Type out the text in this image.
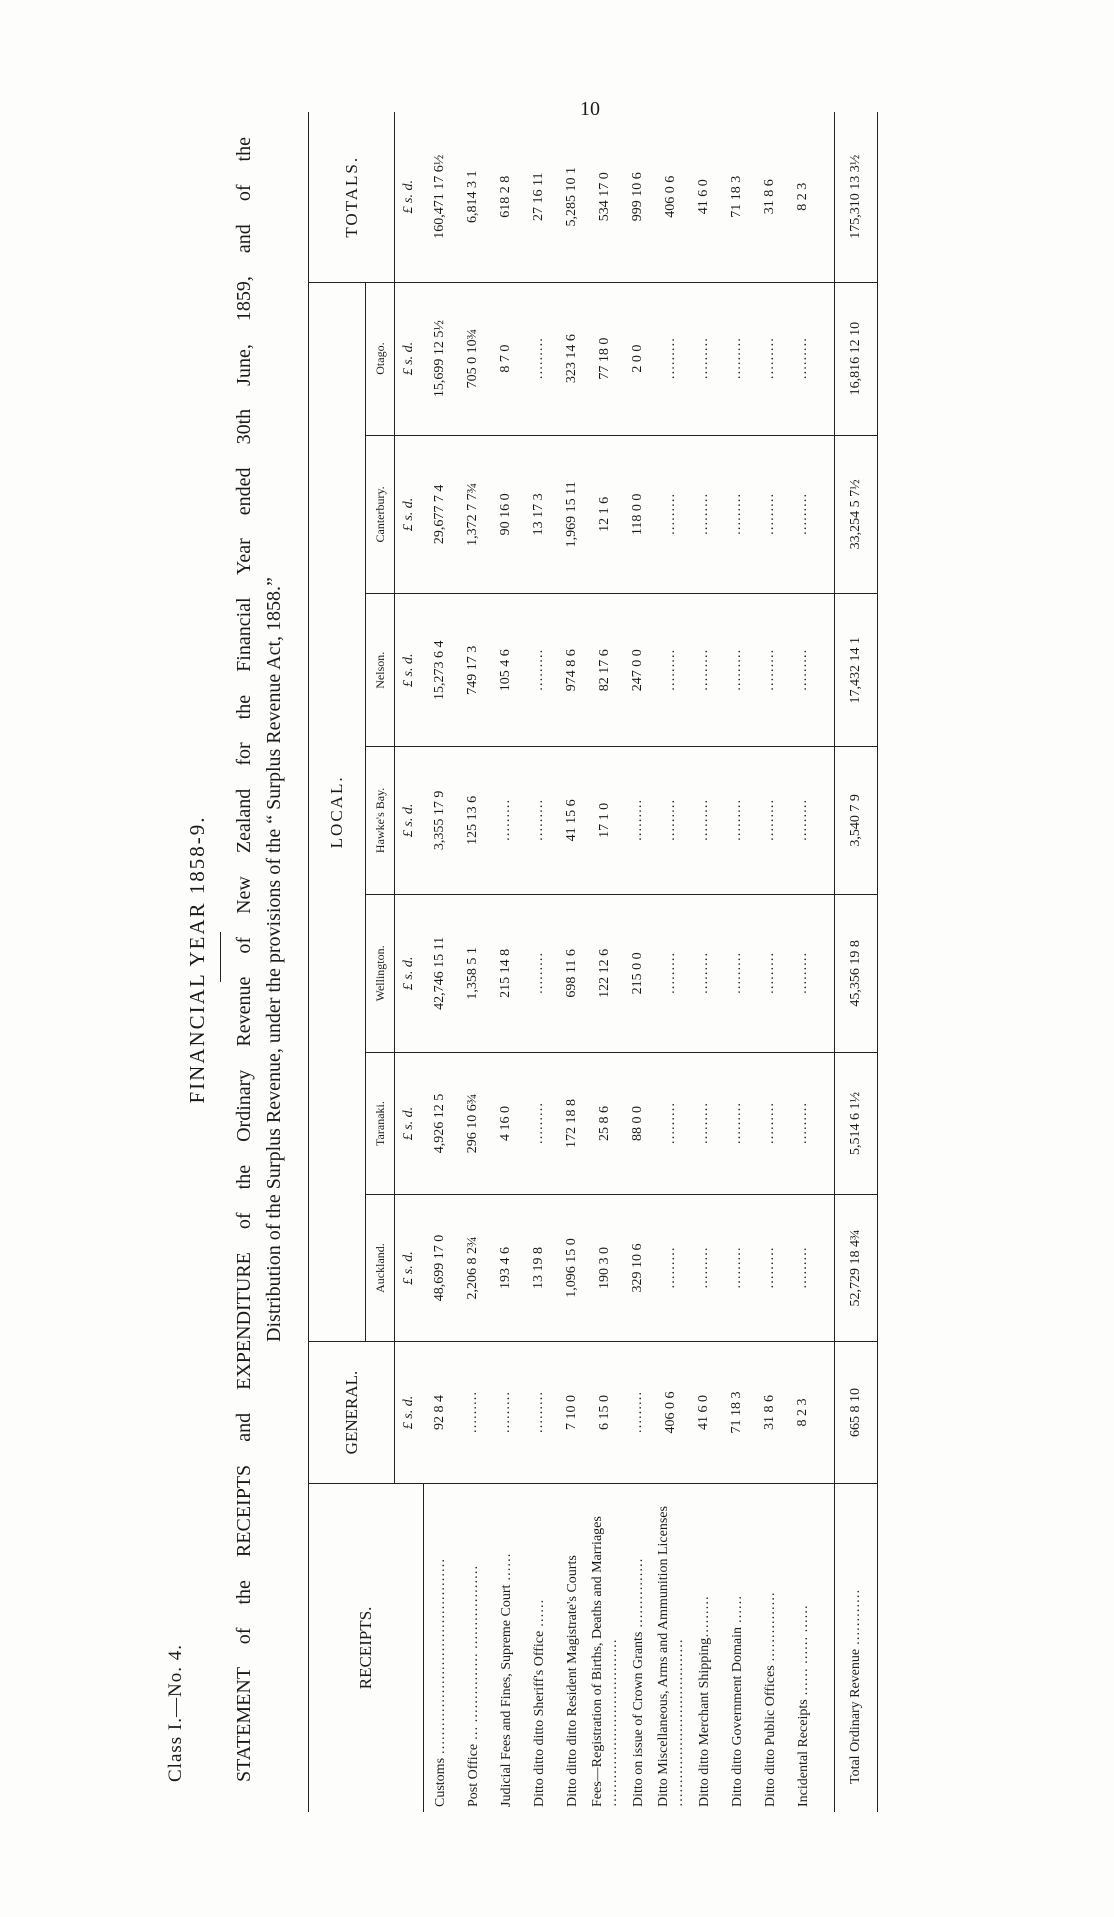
10
Class I.—No. 4.
FINANCIAL YEAR 1858-9. STATEMENT of the RECEIPTS and EXPENDITURE of the Ordinary Revenue of New Zealand for the Financial Year ended 30th June, 1859, and of the Distribution of the Surplus Revenue, under the provisions of the “ Surplus Revenue Act, 1858.”
RECEIPTS.	GENERAL.	LOCAL.							TOTALS.
		Auckland.	Taranaki.	Wellington.	Hawke's Bay.	Nelson.	Canterbury.	Otago.	
	£ s. d.	£ s. d.	£ s. d.	£ s. d.	£ s. d.	£ s. d.	£ s. d.	£ s. d.	£ s. d.
Customs ……………………………………	92 8 4	48,699 17 0	4,926 12 5	42,746 15 11	3,355 17 9	15,273 6 4	29,677 7 4	15,699 12 5½	160,471 17 6½
Post Office … …………… ………………	………	2,206 8 2¾	296 10 6¾	1,358 5 1	125 13 6	749 17 3	1,372 7 7¾	705 0 10¾	6,814 3 1
Judicial Fees and Fines, Supreme Court ……	………	193 4 6	4 16 0	215 14 8	………	105 4 6	90 16 0	8 7 0	618 2 8
Ditto ditto ditto Sheriff's Office ……	………	13 19 8	………	………	………	………	13 17 3	………	27 16 11
Ditto ditto ditto Resident Magistrate's Courts	7 10 0	1,096 15 0	172 18 8	698 11 6	41 15 6	974 8 6	1,969 15 11	323 14 6	5,285 10 1
Fees—Registration of Births, Deaths and Marriages ………………………………	6 15 0	190 3 0	25 8 6	122 12 6	17 1 0	82 17 6	12 1 6	77 18 0	534 17 0
Ditto on issue of Crown Grants ……………	………	329 10 6	88 0 0	215 0 0	………	247 0 0	118 0 0	2 0 0	999 10 6
Ditto Miscellaneous, Arms and Ammunition Licenses ………………………………	406 0 6	………	………	………	………	………	………	………	406 0 6
Ditto ditto Merchant Shipping………	41 6 0	………	………	………	………	………	………	………	41 6 0
Ditto ditto Government Domain ……	71 18 3	………	………	………	………	………	………	………	71 18 3
Ditto ditto Public Offices ……………	31 8 6	………	………	………	………	………	………	………	31 8 6
Incidental Receipts …… …… ……	8 2 3	………	………	………	………	………	………	………	8 2 3

Total Ordinary Revenue …………	665 8 10	52,729 18 4¾	5,514 6 1½	45,356 19 8	3,540 7 9	17,432 14 1	33,254 5 7½	16,816 12 10	175,310 13 3½
